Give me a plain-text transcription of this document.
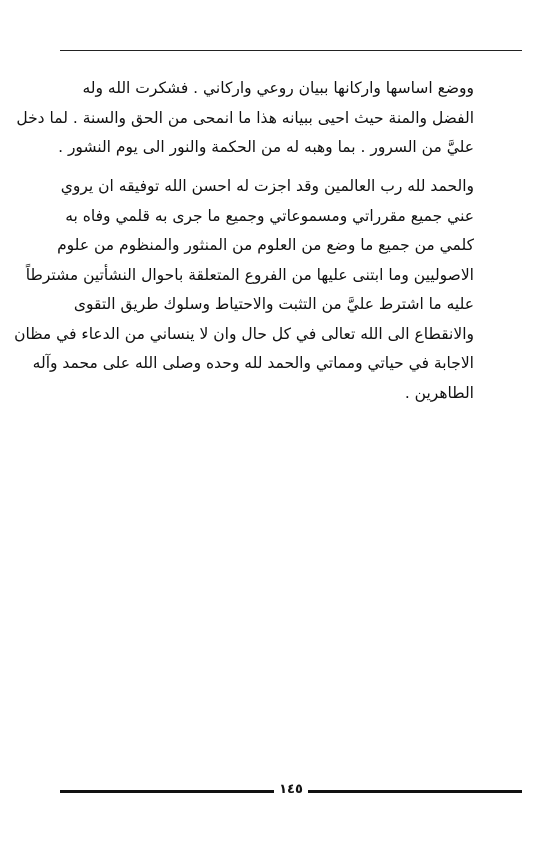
ووضع اساسها واركانها ببيان روعي واركاني . فشكرت الله وله
الفضل والمنة حيث احيى ببيانه هذا ما انمحى من الحق والسنة . لما دخل
عليَّ من السرور . بما وهبه له من الحكمة والنور الى يوم النشور .
والحمد لله رب العالمين وقد اجزت له احسن الله توفيقه ان يروي
عني جميع مقرراتي ومسموعاتي وجميع ما جرى به قلمي وفاه به
كلمي من جميع ما وضع من العلوم من المنثور والمنظوم من علوم
الاصوليين وما ابتنى عليها من الفروع المتعلقة باحوال النشأتين مشترطاً
عليه ما اشترط عليَّ من التثبت والاحتياط وسلوك طريق التقوى
والانقطاع الى الله تعالى في كل حال وان لا ينساني من الدعاء في مظان
الاجابة في حياتي ومماتي والحمد لله وحده وصلى الله على محمد وآله
الطاهرين .
١٤٥
